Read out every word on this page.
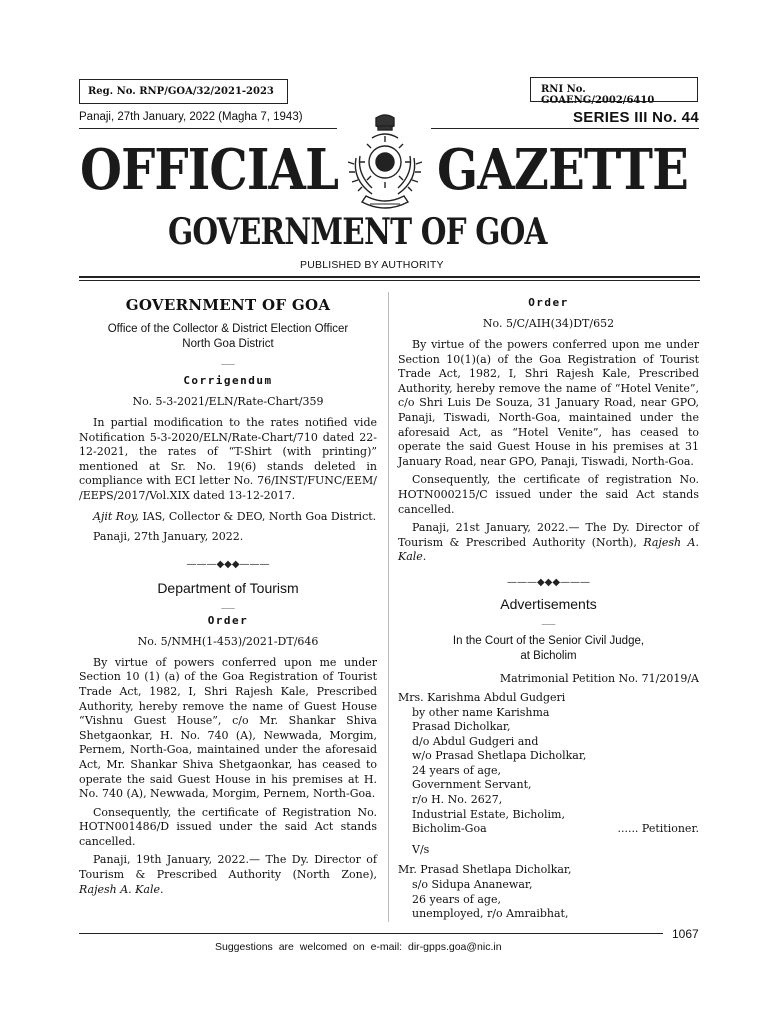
Reg. No. RNP/GOA/32/2021-2023	RNI No. GOAENG/2002/6410
Panaji, 27th January, 2022 (Magha 7, 1943)	SERIES III No. 44
OFFICIAL GAZETTE
GOVERNMENT OF GOA
PUBLISHED BY AUTHORITY
GOVERNMENT OF GOA
Office of the Collector & District Election Officer
North Goa District
___
Corrigendum
No. 5-3-2021/ELN/Rate-Chart/359

In partial modification to the rates notified vide Notification 5-3-2020/ELN/Rate-Chart/710 dated 22-12-2021, the rates of “T-Shirt (with printing)” mentioned at Sr. No. 19(6) stands deleted in compliance with ECI letter No. 76/INST/FUNC/EEM/ /EEPS/2017/Vol.XIX dated 13-12-2017.

Ajit Roy, IAS, Collector & DEO, North Goa District.

Panaji, 27th January, 2022.

———◆◆◆———
Department of Tourism
___
Order
No. 5/NMH(1-453)/2021-DT/646

By virtue of powers conferred upon me under Section 10 (1) (a) of the Goa Registration of Tourist Trade Act, 1982, I, Shri Rajesh Kale, Prescribed Authority, hereby remove the name of Guest House “Vishnu Guest House”, c/o Mr. Shankar Shiva Shetgaonkar, H. No. 740 (A), Newwada, Morgim, Pernem, North-Goa, maintained under the aforesaid Act, Mr. Shankar Shiva Shetgaonkar, has ceased to operate the said Guest House in his premises at H. No. 740 (A), Newwada, Morgim, Pernem, North-Goa.

Consequently, the certificate of Registration No. HOTN001486/D issued under the said Act stands cancelled.

Panaji, 19th January, 2022.— The Dy. Director of Tourism & Prescribed Authority (North Zone), Rajesh A. Kale.

Order
No. 5/C/AIH(34)DT/652

By virtue of the powers conferred upon me under Section 10(1)(a) of the Goa Registration of Tourist Trade Act, 1982, I, Shri Rajesh Kale, Prescribed Authority, hereby remove the name of “Hotel Venite”, c/o Shri Luis De Souza, 31 January Road, near GPO, Panaji, Tiswadi, North-Goa, maintained under the aforesaid Act, as “Hotel Venite”, has ceased to operate the said Guest House in his premises at 31 January Road, near GPO, Panaji, Tiswadi, North-Goa.

Consequently, the certificate of registration No. HOTN000215/C issued under the said Act stands cancelled.

Panaji, 21st January, 2022.— The Dy. Director of Tourism & Prescribed Authority (North), Rajesh A. Kale.

———◆◆◆———
Advertisements
___
In the Court of the Senior Civil Judge,
at Bicholim
Matrimonial Petition No. 71/2019/A
Mrs. Karishma Abdul Gudgeri
by other name Karishma
Prasad Dicholkar,
d/o Abdul Gudgeri and
w/o Prasad Shetlapa Dicholkar,
24 years of age,
Government Servant,
r/o H. No. 2627,
Industrial Estate, Bicholim,
Bicholim-Goa	...... Petitioner.
V/s
Mr. Prasad Shetlapa Dicholkar,
s/o Sidupa Ananewar,
26 years of age,
unemployed, r/o Amraibhat,
1067
Suggestions are welcomed on e-mail: dir-gpps.goa@nic.in
